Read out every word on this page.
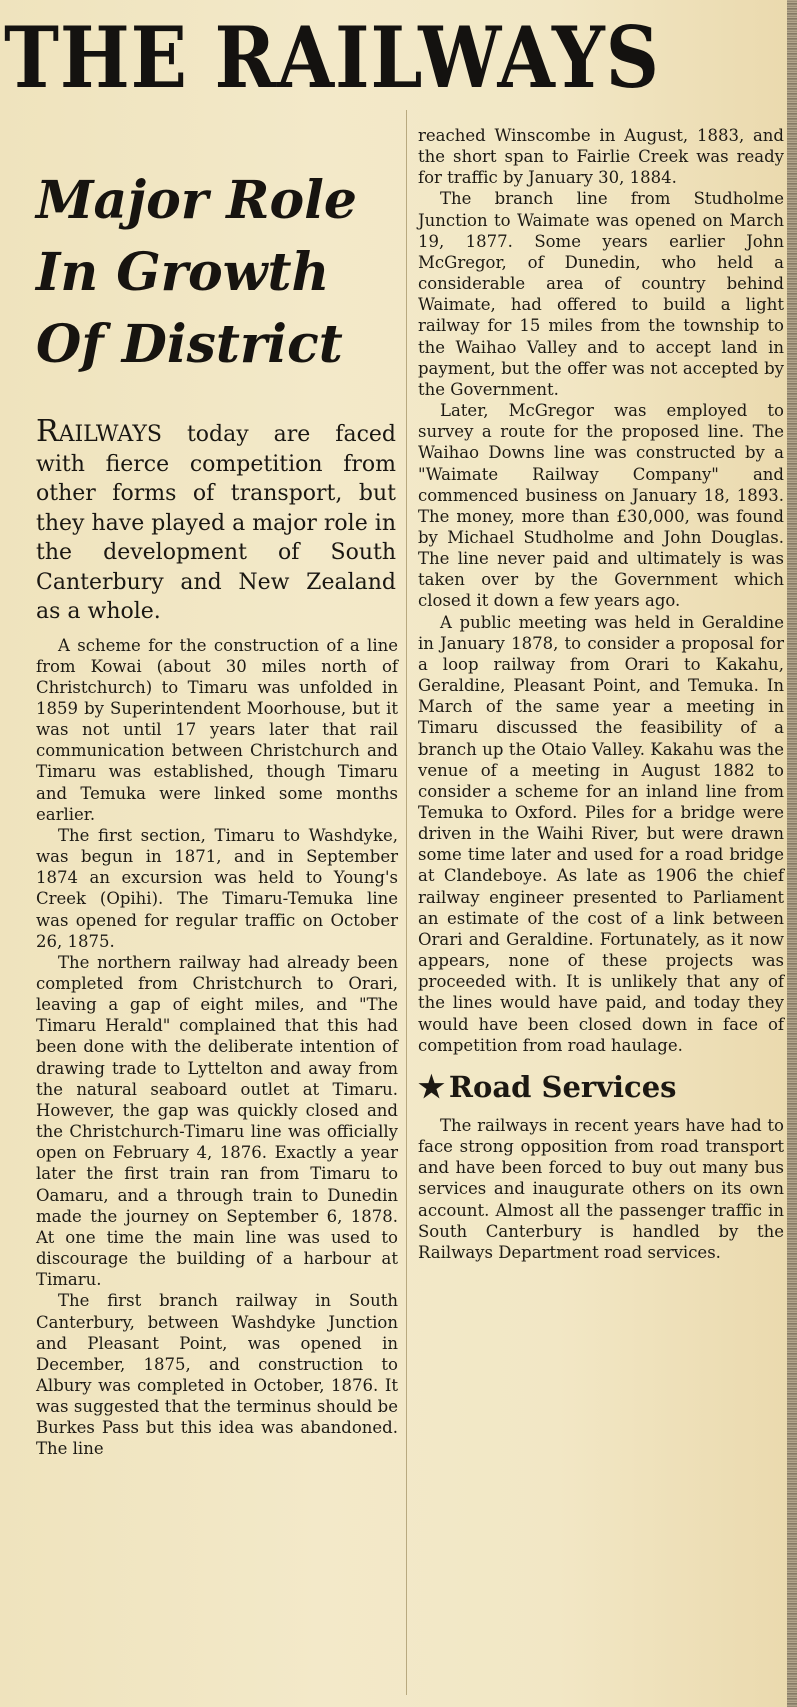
THE RAILWAYS
Major Role
In Growth
Of District
RAILWAYS today are faced with fierce competition from other forms of transport, but they have played a major role in the development of South Canterbury and New Zealand as a whole.

A scheme for the construction of a line from Kowai (about 30 miles north of Christchurch) to Timaru was unfolded in 1859 by Superintendent Moorhouse, but it was not until 17 years later that rail communication between Christchurch and Timaru was established, though Timaru and Temuka were linked some months earlier.

The first section, Timaru to Washdyke, was begun in 1871, and in September 1874 an excursion was held to Young's Creek (Opihi). The Timaru-Temuka line was opened for regular traffic on October 26, 1875.

The northern railway had already been completed from Christchurch to Orari, leaving a gap of eight miles, and "The Timaru Herald" complained that this had been done with the deliberate intention of drawing trade to Lyttelton and away from the natural seaboard outlet at Timaru. However, the gap was quickly closed and the Christchurch-Timaru line was officially open on February 4, 1876. Exactly a year later the first train ran from Timaru to Oamaru, and a through train to Dunedin made the journey on September 6, 1878. At one time the main line was used to discourage the building of a harbour at Timaru.

The first branch railway in South Canterbury, between Washdyke Junction and Pleasant Point, was opened in December, 1875, and construction to Albury was completed in October, 1876. It was suggested that the terminus should be Burkes Pass but this idea was abandoned. The line

reached Winscombe in August, 1883, and the short span to Fairlie Creek was ready for traffic by January 30, 1884.

The branch line from Studholme Junction to Waimate was opened on March 19, 1877. Some years earlier John McGregor, of Dunedin, who held a considerable area of country behind Waimate, had offered to build a light railway for 15 miles from the township to the Waihao Valley and to accept land in payment, but the offer was not accepted by the Government.

Later, McGregor was employed to survey a route for the proposed line. The Waihao Downs line was constructed by a "Waimate Railway Company" and commenced business on January 18, 1893. The money, more than £30,000, was found by Michael Studholme and John Douglas. The line never paid and ultimately is was taken over by the Government which closed it down a few years ago.

A public meeting was held in Geraldine in January 1878, to consider a proposal for a loop railway from Orari to Kakahu, Geraldine, Pleasant Point, and Temuka. In March of the same year a meeting in Timaru discussed the feasibility of a branch up the Otaio Valley. Kakahu was the venue of a meeting in August 1882 to consider a scheme for an inland line from Temuka to Oxford. Piles for a bridge were driven in the Waihi River, but were drawn some time later and used for a road bridge at Clandeboye. As late as 1906 the chief railway engineer presented to Parliament an estimate of the cost of a link between Orari and Geraldine. Fortunately, as it now appears, none of these projects was proceeded with. It is unlikely that any of the lines would have paid, and today they would have been closed down in face of competition from road haulage.

★ Road Services

The railways in recent years have had to face strong opposition from road transport and have been forced to buy out many bus services and inaugurate others on its own account. Almost all the passenger traffic in South Canterbury is handled by the Railways Department road services.
